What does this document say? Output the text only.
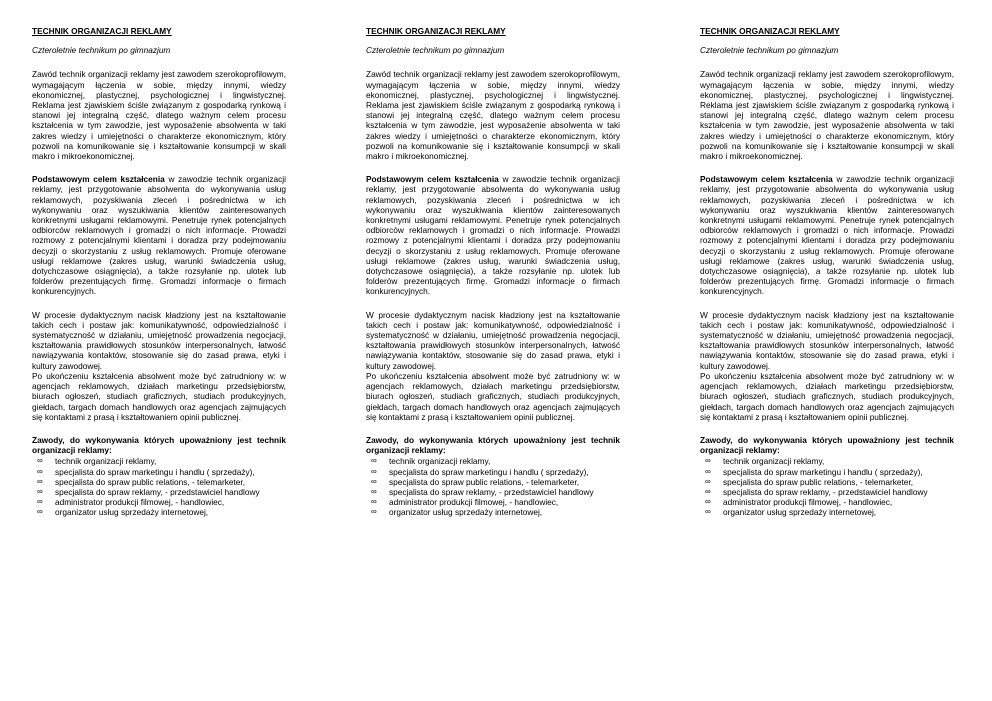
TECHNIK ORGANIZACJI REKLAMY
Czteroletnie technikum po gimnazjum

Zawód technik organizacji reklamy jest zawodem szerokoprofilowym, wymagającym łączenia w sobie, między innymi, wiedzy ekonomicznej, plastycznej, psychologicznej i lingwistycznej. Reklama jest zjawiskiem ściśle związanym z gospodarką rynkową i stanowi jej integralną część, dlatego ważnym celem procesu kształcenia w tym zawodzie, jest wyposażenie absolwenta w taki zakres wiedzy i umiejętności o charakterze ekonomicznym, który pozwoli na komunikowanie się i kształtowanie konsumpcji w skali makro i mikroekonomicznej.

Podstawowym celem kształcenia w zawodzie technik organizacji reklamy, jest przygotowanie absolwenta do wykonywania usług reklamowych, pozyskiwania zleceń i pośrednictwa w ich wykonywaniu oraz wyszukiwania klientów zainteresowanych konkretnymi usługami reklamowymi. Penetruje rynek potencjalnych odbiorców reklamowych i gromadzi o nich informacje. Prowadzi rozmowy z potencjalnymi klientami i doradza przy podejmowaniu decyzji o skorzystaniu z usług reklamowych. Promuje oferowane usługi reklamowe (zakres usług, warunki świadczenia usług, dotychczasowe osiągnięcia), a także rozsyłanie np. ulotek lub folderów prezentujących firmę. Gromadzi informacje o firmach konkurencyjnych.

W procesie dydaktycznym nacisk kładziony jest na kształtowanie takich cech i postaw jak: komunikatywność, odpowiedzialność i systematyczność w działaniu, umiejętność prowadzenia negocjacji, kształtowania prawidłowych stosunków interpersonalnych, łatwość nawiązywania kontaktów, stosowanie się do zasad prawa, etyki i kultury zawodowej.

Po ukończeniu kształcenia absolwent może być zatrudniony w: w agencjach reklamowych, działach marketingu przedsiębiorstw, biurach ogłoszeń, studiach graficznych, studiach produkcyjnych, giełdach, targach domach handlowych oraz agencjach zajmujących się kontaktami z prasą i kształtowaniem opinii publicznej.

Zawody, do wykonywania których upoważniony jest technik organizacji reklamy:
∞ technik organizacji reklamy,
∞ specjalista do spraw marketingu i handlu ( sprzedaży),
∞ specjalista do spraw public relations, - telemarketer,
∞ specjalista do spraw reklamy, - przedstawiciel handlowy
∞ administrator produkcji filmowej, - handlowiec,
∞ organizator usług sprzedaży internetowej,
TECHNIK ORGANIZACJI REKLAMY
Czteroletnie technikum po gimnazjum

Zawód technik organizacji reklamy jest zawodem szerokoprofilowym, wymagającym łączenia w sobie, między innymi, wiedzy ekonomicznej, plastycznej, psychologicznej i lingwistycznej. Reklama jest zjawiskiem ściśle związanym z gospodarką rynkową i stanowi jej integralną część, dlatego ważnym celem procesu kształcenia w tym zawodzie, jest wyposażenie absolwenta w taki zakres wiedzy i umiejętności o charakterze ekonomicznym, który pozwoli na komunikowanie się i kształtowanie konsumpcji w skali makro i mikroekonomicznej.

Podstawowym celem kształcenia w zawodzie technik organizacji reklamy, jest przygotowanie absolwenta do wykonywania usług reklamowych, pozyskiwania zleceń i pośrednictwa w ich wykonywaniu oraz wyszukiwania klientów zainteresowanych konkretnymi usługami reklamowymi. Penetruje rynek potencjalnych odbiorców reklamowych i gromadzi o nich informacje. Prowadzi rozmowy z potencjalnymi klientami i doradza przy podejmowaniu decyzji o skorzystaniu z usług reklamowych. Promuje oferowane usługi reklamowe (zakres usług, warunki świadczenia usług, dotychczasowe osiągnięcia), a także rozsyłanie np. ulotek lub folderów prezentujących firmę. Gromadzi informacje o firmach konkurencyjnych.

W procesie dydaktycznym nacisk kładziony jest na kształtowanie takich cech i postaw jak: komunikatywność, odpowiedzialność i systematyczność w działaniu, umiejętność prowadzenia negocjacji, kształtowania prawidłowych stosunków interpersonalnych, łatwość nawiązywania kontaktów, stosowanie się do zasad prawa, etyki i kultury zawodowej.

Po ukończeniu kształcenia absolwent może być zatrudniony w: w agencjach reklamowych, działach marketingu przedsiębiorstw, biurach ogłoszeń, studiach graficznych, studiach produkcyjnych, giełdach, targach domach handlowych oraz agencjach zajmujących się kontaktami z prasą i kształtowaniem opinii publicznej.

Zawody, do wykonywania których upoważniony jest technik organizacji reklamy:
∞ technik organizacji reklamy,
∞ specjalista do spraw marketingu i handlu ( sprzedaży),
∞ specjalista do spraw public relations, - telemarketer,
∞ specjalista do spraw reklamy, - przedstawiciel handlowy
∞ administrator produkcji filmowej, - handlowiec,
∞ organizator usług sprzedaży internetowej,
TECHNIK ORGANIZACJI REKLAMY
Czteroletnie technikum po gimnazjum

Zawód technik organizacji reklamy jest zawodem szerokoprofilowym, wymagającym łączenia w sobie, między innymi, wiedzy ekonomicznej, plastycznej, psychologicznej i lingwistycznej. Reklama jest zjawiskiem ściśle związanym z gospodarką rynkową i stanowi jej integralną część, dlatego ważnym celem procesu kształcenia w tym zawodzie, jest wyposażenie absolwenta w taki zakres wiedzy i umiejętności o charakterze ekonomicznym, który pozwoli na komunikowanie się i kształtowanie konsumpcji w skali makro i mikroekonomicznej.

Podstawowym celem kształcenia w zawodzie technik organizacji reklamy, jest przygotowanie absolwenta do wykonywania usług reklamowych, pozyskiwania zleceń i pośrednictwa w ich wykonywaniu oraz wyszukiwania klientów zainteresowanych konkretnymi usługami reklamowymi. Penetruje rynek potencjalnych odbiorców reklamowych i gromadzi o nich informacje. Prowadzi rozmowy z potencjalnymi klientami i doradza przy podejmowaniu decyzji o skorzystaniu z usług reklamowych. Promuje oferowane usługi reklamowe (zakres usług, warunki świadczenia usług, dotychczasowe osiągnięcia), a także rozsyłanie np. ulotek lub folderów prezentujących firmę. Gromadzi informacje o firmach konkurencyjnych.

W procesie dydaktycznym nacisk kładziony jest na kształtowanie takich cech i postaw jak: komunikatywność, odpowiedzialność i systematyczność w działaniu, umiejętność prowadzenia negocjacji, kształtowania prawidłowych stosunków interpersonalnych, łatwość nawiązywania kontaktów, stosowanie się do zasad prawa, etyki i kultury zawodowej.

Po ukończeniu kształcenia absolwent może być zatrudniony w: w agencjach reklamowych, działach marketingu przedsiębiorstw, biurach ogłoszeń, studiach graficznych, studiach produkcyjnych, giełdach, targach domach handlowych oraz agencjach zajmujących się kontaktami z prasą i kształtowaniem opinii publicznej.

Zawody, do wykonywania których upoważniony jest technik organizacji reklamy:
∞ technik organizacji reklamy,
∞ specjalista do spraw marketingu i handlu ( sprzedaży),
∞ specjalista do spraw public relations, - telemarketer,
∞ specjalista do spraw reklamy, - przedstawiciel handlowy
∞ administrator produkcji filmowej, - handlowiec,
∞ organizator usług sprzedaży internetowej,
